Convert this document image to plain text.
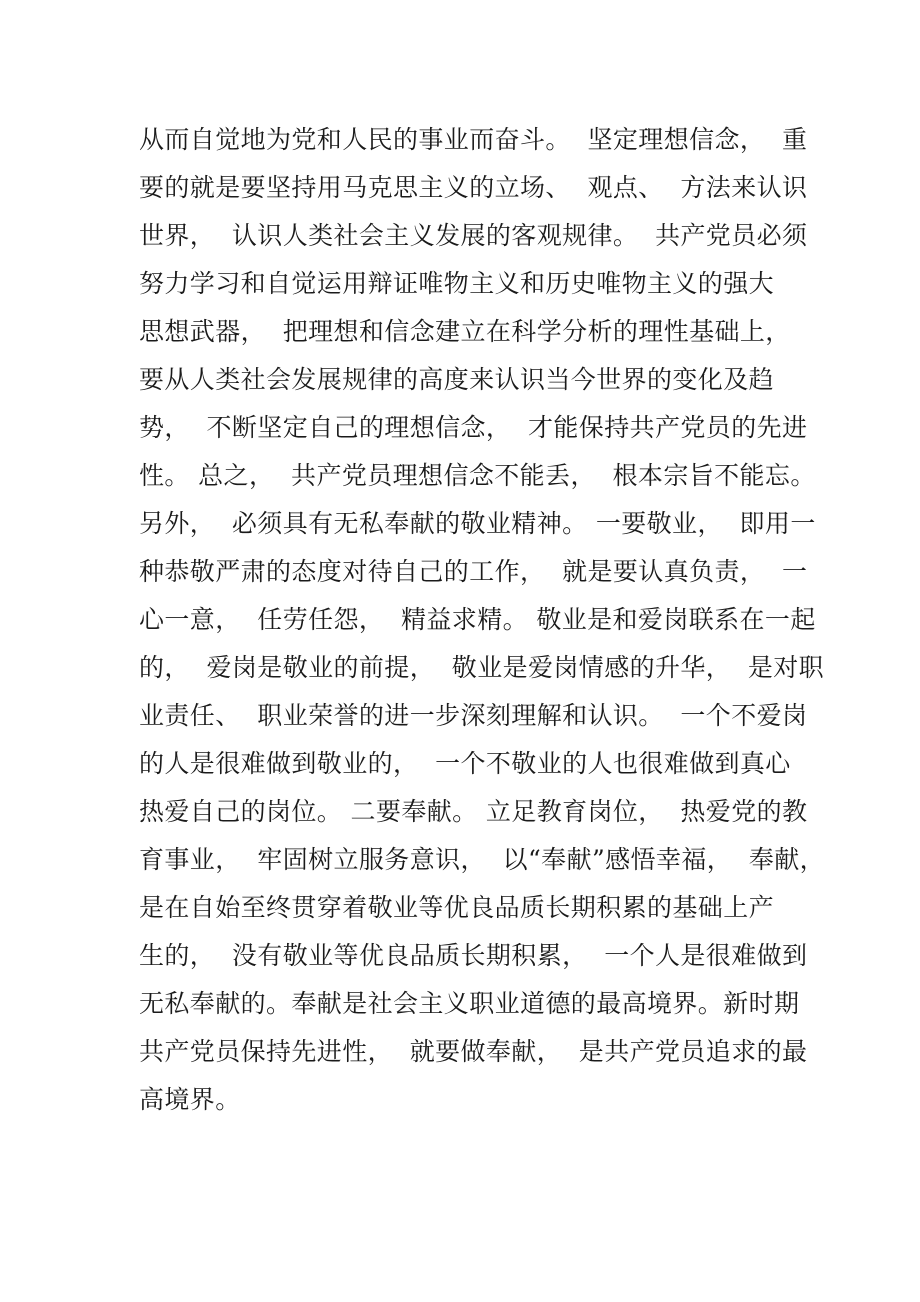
从而自觉地为党和人民的事业而奋斗。  坚定理想信念，  重
要的就是要坚持用马克思主义的立场、  观点、  方法来认识
世界，  认识人类社会主义发展的客观规律。  共产党员必须
努力学习和自觉运用辩证唯物主义和历史唯物主义的强大
思想武器，  把理想和信念建立在科学分析的理性基础上，
要从人类社会发展规律的高度来认识当今世界的变化及趋
势，  不断坚定自己的理想信念，  才能保持共产党员的先进
性。 总之，  共产党员理想信念不能丢，  根本宗旨不能忘。
另外，  必须具有无私奉献的敬业精神。 一要敬业，  即用一
种恭敬严肃的态度对待自己的工作，  就是要认真负责，  一
心一意，  任劳任怨，  精益求精。 敬业是和爱岗联系在一起
的，  爱岗是敬业的前提，  敬业是爱岗情感的升华，  是对职
业责任、  职业荣誉的进一步深刻理解和认识。  一个不爱岗
的人是很难做到敬业的，  一个不敬业的人也很难做到真心
热爱自己的岗位。 二要奉献。 立足教育岗位，  热爱党的教
育事业，  牢固树立服务意识，  以“奉献”感悟幸福，  奉献，
是在自始至终贯穿着敬业等优良品质长期积累的基础上产
生的，  没有敬业等优良品质长期积累，  一个人是很难做到
无私奉献的。奉献是社会主义职业道德的最高境界。新时期
共产党员保持先进性，  就要做奉献，  是共产党员追求的最
高境界。
